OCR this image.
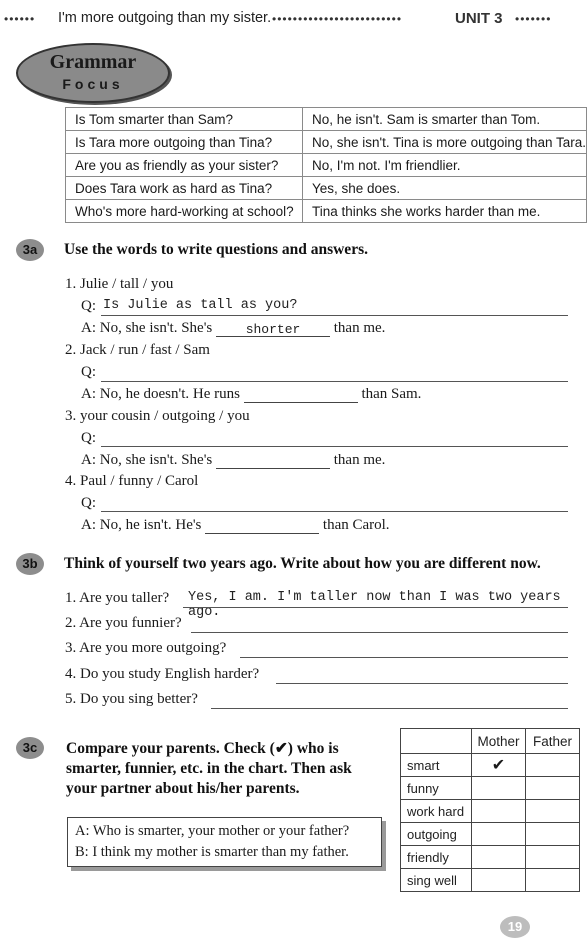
•••••• I'm more outgoing than my sister. •••••••••••••••••••••••••	UNIT 3 •••••••
Grammar
Focus
Is Tom smarter than Sam?	No, he isn't. Sam is smarter than Tom.
Is Tara more outgoing than Tina?	No, she isn't. Tina is more outgoing than Tara.
Are you as friendly as your sister?	No, I'm not. I'm friendlier.
Does Tara work as hard as Tina?	Yes, she does.
Who's more hard-working at school?	Tina thinks she works harder than me.
3a	Use the words to write questions and answers.
1. Julie / tall / you
Q: Is Julie as tall as you?
A: No, she isn't. She's	shorter than me.
2. Jack / run / fast / Sam
Q:
A: No, he doesn't. He runs	than Sam.
3. your cousin / outgoing / you
Q:
A: No, she isn't. She's	than me.
4. Paul / funny / Carol
Q:
A: No, he isn't. He's	than Carol.
3b	Think of yourself two years ago. Write about how you are different now.
1. Are you taller? Yes, I am. I'm taller now than I was two years ago.
2. Are you funnier?
3. Are you more outgoing?
4. Do you study English harder?
5. Do you sing better?
3c	Compare your parents. Check (✔) who is
smarter, funnier, etc. in the chart. Then ask
your partner about his/her parents.
A: Who is smarter, your mother or your father?
B: I think my mother is smarter than my father.
	Mother	Father
smart	✔	
funny		
work hard		
outgoing		
friendly		
sing well		
19
